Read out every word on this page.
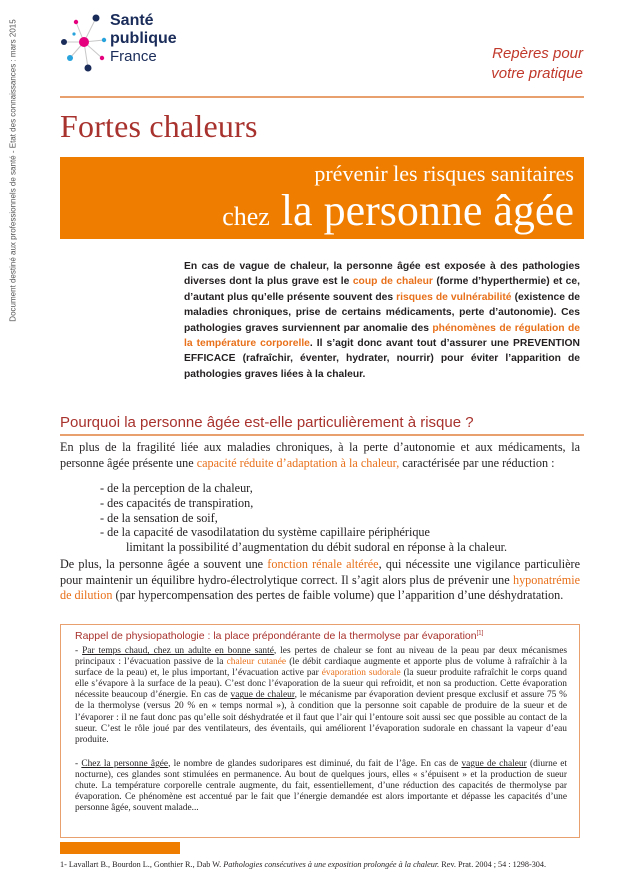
Document destiné aux professionnels de santé - Etat des connaissances : mars 2015	Santé
publique
France	Repères pour
votre pratique
Fortes chaleurs
prévenir les risques sanitaires
chez la personne âgée
En cas de vague de chaleur, la personne âgée est exposée à des pathologies diverses dont la plus grave est le coup de chaleur (forme d’hyperthermie) et ce, d’autant plus qu’elle présente souvent des risques de vulnérabilité (existence de maladies chroniques, prise de certains médicaments, perte d’autonomie). Ces pathologies graves surviennent par anomalie des phénomènes de régulation de la température corporelle. Il s’agit donc avant tout d’assurer une PREVENTION EFFICACE (rafraîchir, éventer, hydrater, nourrir) pour éviter l’apparition de pathologies graves liées à la chaleur.
Pourquoi la personne âgée est-elle particulièrement à risque ?
En plus de la fragilité liée aux maladies chroniques, à la perte d’autonomie et aux médicaments, la personne âgée présente une capacité réduite d’adaptation à la chaleur, caractérisée par une réduction :
- de la perception de la chaleur,
- des capacités de transpiration,
- de la sensation de soif,
- de la capacité de vasodilatation du système capillaire périphérique
limitant la possibilité d’augmentation du débit sudoral en réponse à la chaleur.
De plus, la personne âgée a souvent une fonction rénale altérée, qui nécessite une vigilance particulière pour maintenir un équilibre hydro-électrolytique correct. Il s’agit alors plus de prévenir une hyponatrémie de dilution (par hypercompensation des pertes de faible volume) que l’apparition d’une déshydratation.
Rappel de physiopathologie : la place prépondérante de la thermolyse par évaporation[1]
- Par temps chaud, chez un adulte en bonne santé, les pertes de chaleur se font au niveau de la peau par deux mécanismes principaux : l’évacuation passive de la chaleur cutanée (le débit cardiaque augmente et apporte plus de volume à rafraîchir à la surface de la peau) et, le plus important, l’évacuation active par évaporation sudorale (la sueur produite rafraîchit le corps quand elle s’évapore à la surface de la peau). C’est donc l’évaporation de la sueur qui refroidit, et non sa production. Cette évaporation nécessite beaucoup d’énergie. En cas de vague de chaleur, le mécanisme par évaporation devient presque exclusif et assure 75 % de la thermolyse (versus 20 % en « temps normal »), à condition que la personne soit capable de produire de la sueur et de l’évaporer : il ne faut donc pas qu’elle soit déshydratée et il faut que l’air qui l’entoure soit aussi sec que possible au contact de la sueur. C’est le rôle joué par des ventilateurs, des éventails, qui améliorent l’évaporation sudorale en chassant la vapeur d’eau produite.
- Chez la personne âgée, le nombre de glandes sudoripares est diminué, du fait de l’âge. En cas de vague de chaleur (diurne et nocturne), ces glandes sont stimulées en permanence. Au bout de quelques jours, elles « s’épuisent » et la production de sueur chute. La température corporelle centrale augmente, du fait, essentiellement, d’une réduction des capacités de thermolyse par évaporation. Ce phénomène est accentué par le fait que l’énergie demandée est alors importante et dépasse les capacités d’une personne âgée, souvent malade...
1- Lavallart B., Bourdon L., Gonthier R., Dab W. Pathologies consécutives à une exposition prolongée à la chaleur. Rev. Prat. 2004 ; 54 : 1298-304.
